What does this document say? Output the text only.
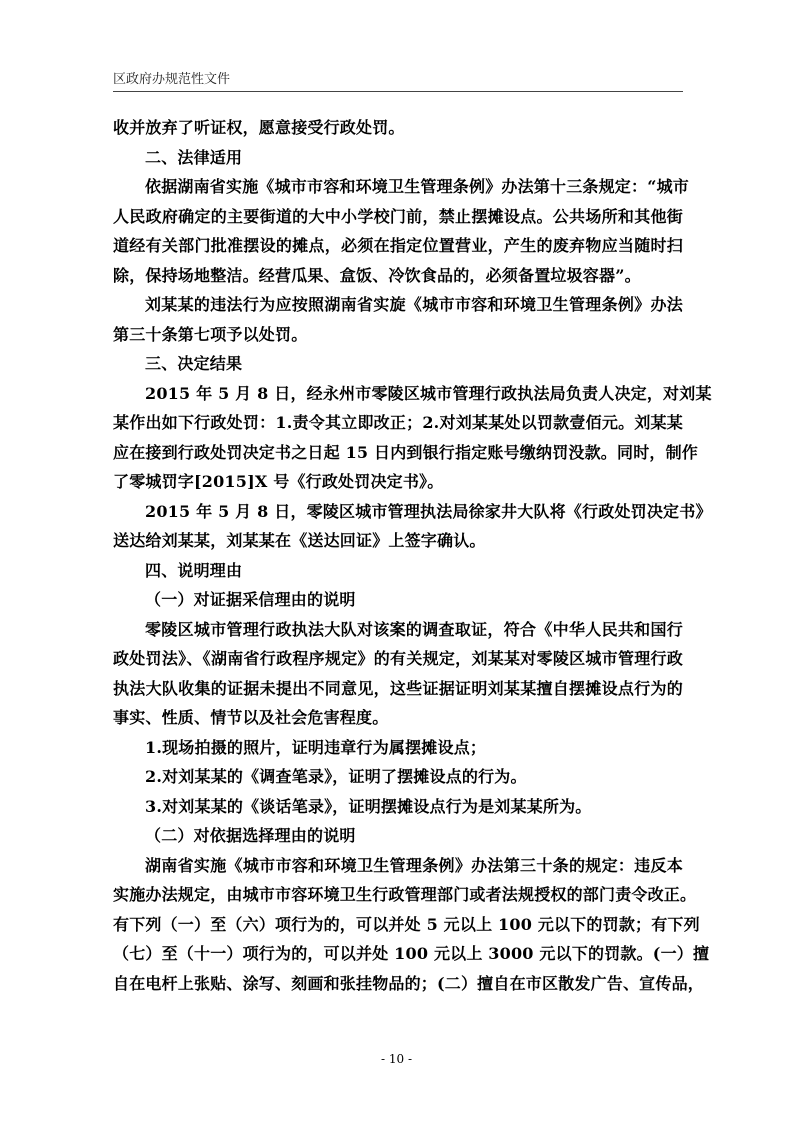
区政府办规范性文件
收并放弃了听证权，愿意接受行政处罚。
二、法律适用
依据湖南省实施《城市市容和环境卫生管理条例》办法第十三条规定：“城市
人民政府确定的主要街道的大中小学校门前，禁止摆摊设点。公共场所和其他街
道经有关部门批准摆设的摊点，必须在指定位置营业，产生的废弃物应当随时扫
除，保持场地整洁。经营瓜果、盒饭、冷饮食品的，必须备置垃圾容器”。
刘某某的违法行为应按照湖南省实旋《城市市容和环境卫生管理条例》办法
第三十条第七项予以处罚。
三、决定结果
2015 年 5 月 8 日，经永州市零陵区城市管理行政执法局负责人决定，对刘某
某作出如下行政处罚：1.责令其立即改正；2.对刘某某处以罚款壹佰元。刘某某
应在接到行政处罚决定书之日起 15 日内到银行指定账号缴纳罚没款。同时，制作
了零城罚字[2015]X 号《行政处罚决定书》。
2015 年 5 月 8 日，零陵区城市管理执法局徐家井大队将《行政处罚决定书》
送达给刘某某，刘某某在《送达回证》上签字确认。
四、说明理由
（一）对证据采信理由的说明
零陵区城市管理行政执法大队对该案的调查取证，符合《中华人民共和国行
政处罚法》、《湖南省行政程序规定》的有关规定，刘某某对零陵区城市管理行政
执法大队收集的证据未提出不同意见，这些证据证明刘某某擅自摆摊设点行为的
事实、性质、情节以及社会危害程度。
1.现场拍摄的照片，证明违章行为属摆摊设点；
2.对刘某某的《调查笔录》，证明了摆摊设点的行为。
3.对刘某某的《谈话笔录》，证明摆摊设点行为是刘某某所为。
（二）对依据选择理由的说明
湖南省实施《城市市容和环境卫生管理条例》办法第三十条的规定：违反本
实施办法规定，由城市市容环境卫生行政管理部门或者法规授权的部门责令改正。
有下列（一）至（六）项行为的，可以并处 5 元以上 100 元以下的罚款；有下列
（七）至（十一）项行为的，可以并处 100 元以上 3000 元以下的罚款。(一）擅
自在电杆上张贴、涂写、刻画和张挂物品的；(二）擅自在市区散发广告、宣传品，
- 10 -
